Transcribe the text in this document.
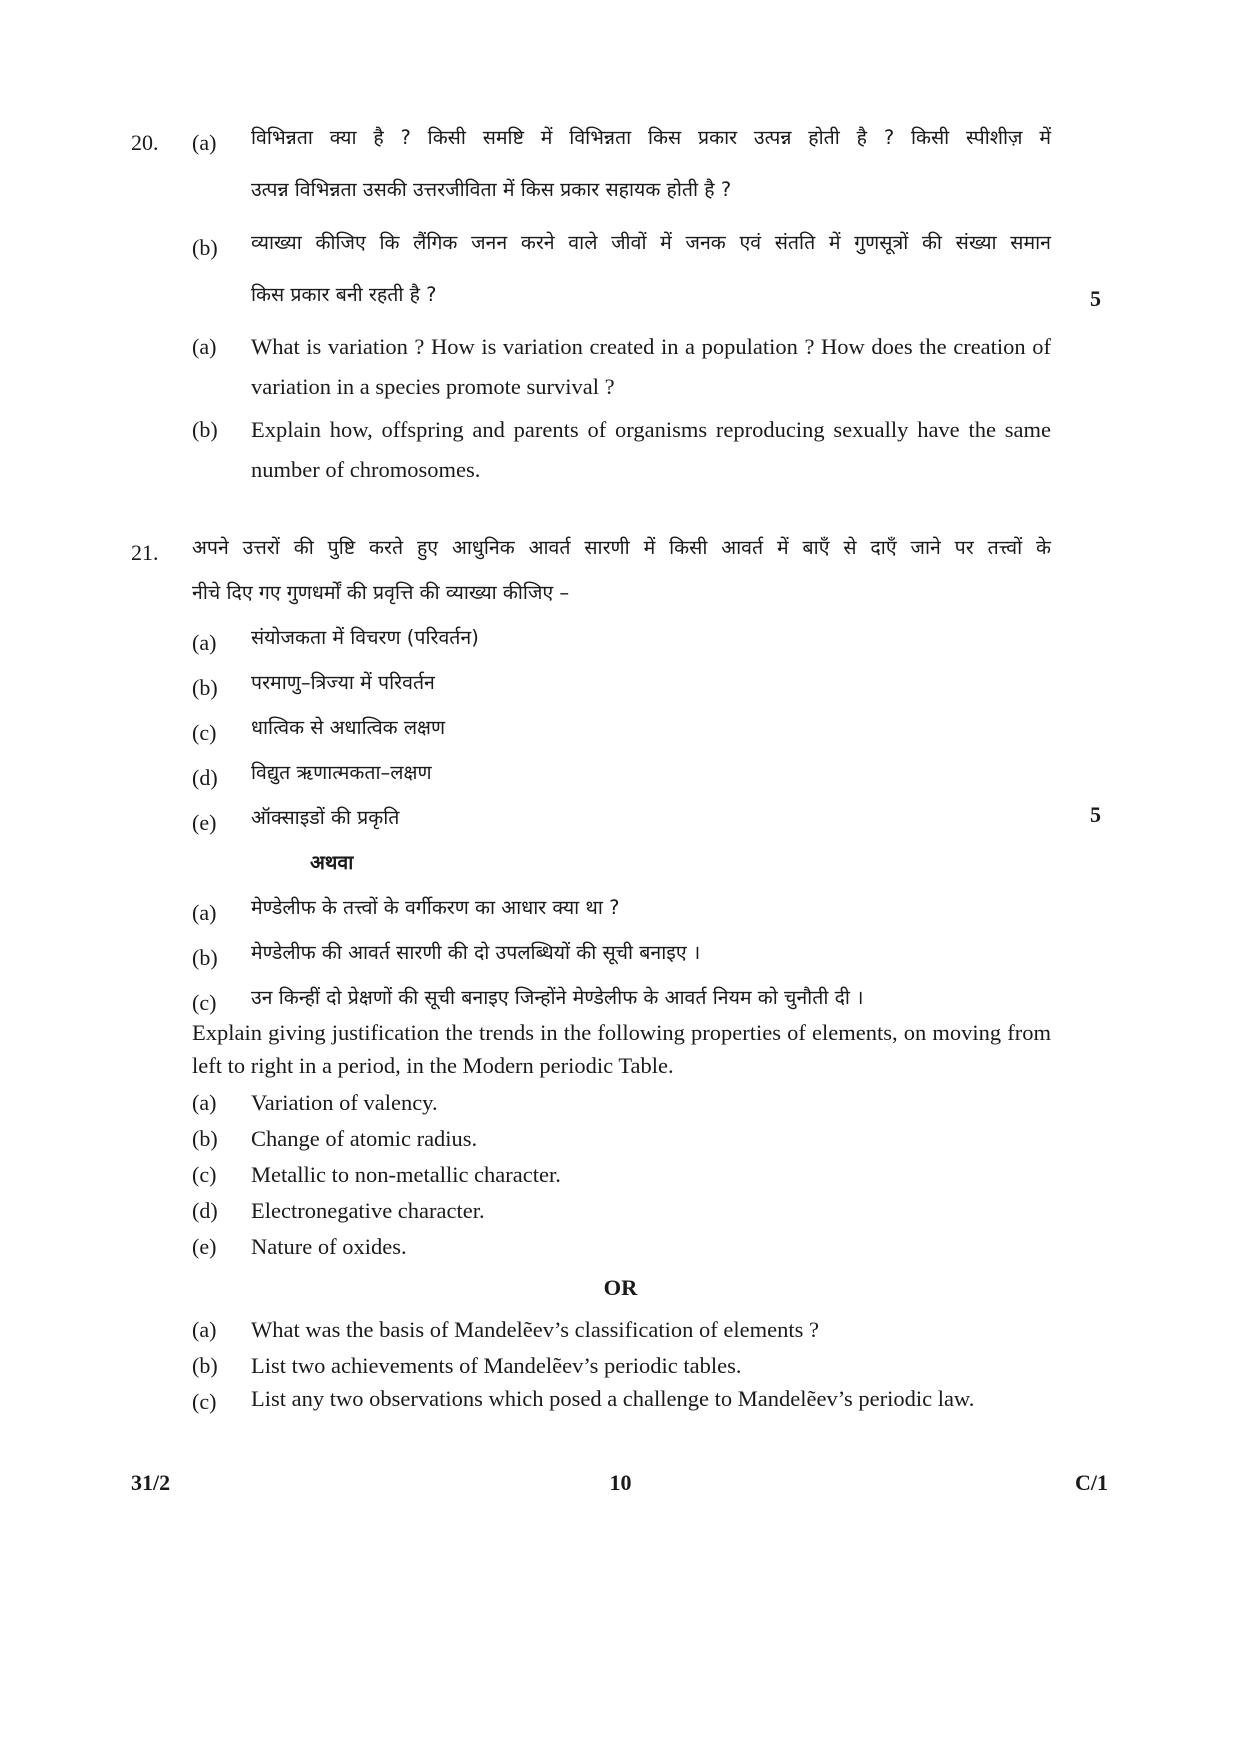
20. (a) विभिन्नता क्या है ? किसी समष्टि में विभिन्नता किस प्रकार उत्पन्न होती है ? किसी स्पीशीज़ में
उत्पन्न विभिन्नता उसकी उत्तरजीविता में किस प्रकार सहायक होती है ?
(b) व्याख्या कीजिए कि लैंगिक जनन करने वाले जीवों में जनक एवं संतति में गुणसूत्रों की संख्या समान
किस प्रकार बनी रहती है ?	5
(a) What is variation ? How is variation created in a population ? How does the creation of variation in a species promote survival ?
(b) Explain how, offspring and parents of organisms reproducing sexually have the same number of chromosomes.
21. अपने उत्तरों की पुष्टि करते हुए आधुनिक आवर्त सारणी में किसी आवर्त में बाएँ से दाएँ जाने पर तत्त्वों के
नीचे दिए गए गुणधर्मों की प्रवृत्ति की व्याख्या कीजिए –
(a) संयोजकता में विचरण (परिवर्तन)
(b) परमाणु–त्रिज्या में परिवर्तन
(c) धात्विक से अधात्विक लक्षण
(d) विद्युत ऋणात्मकता–लक्षण
(e) ऑक्साइडों की प्रकृति	5
अथवा
(a) मेण्डेलीफ के तत्त्वों के वर्गीकरण का आधार क्या था ?
(b) मेण्डेलीफ की आवर्त सारणी की दो उपलब्धियों की सूची बनाइए ।
(c) उन किन्हीं दो प्रेक्षणों की सूची बनाइए जिन्होंने मेण्डेलीफ के आवर्त नियम को चुनौती दी ।
Explain giving justification the trends in the following properties of elements, on moving from left to right in a period, in the Modern periodic Table.
(a) Variation of valency.
(b) Change of atomic radius.
(c) Metallic to non-metallic character.
(d) Electronegative character.
(e) Nature of oxides.
OR
(a) What was the basis of Mandelẽev’s classification of elements ?
(b) List two achievements of Mandelẽev’s periodic tables.
(c) List any two observations which posed a challenge to Mandelẽev’s periodic law.
31/2	10	C/1
